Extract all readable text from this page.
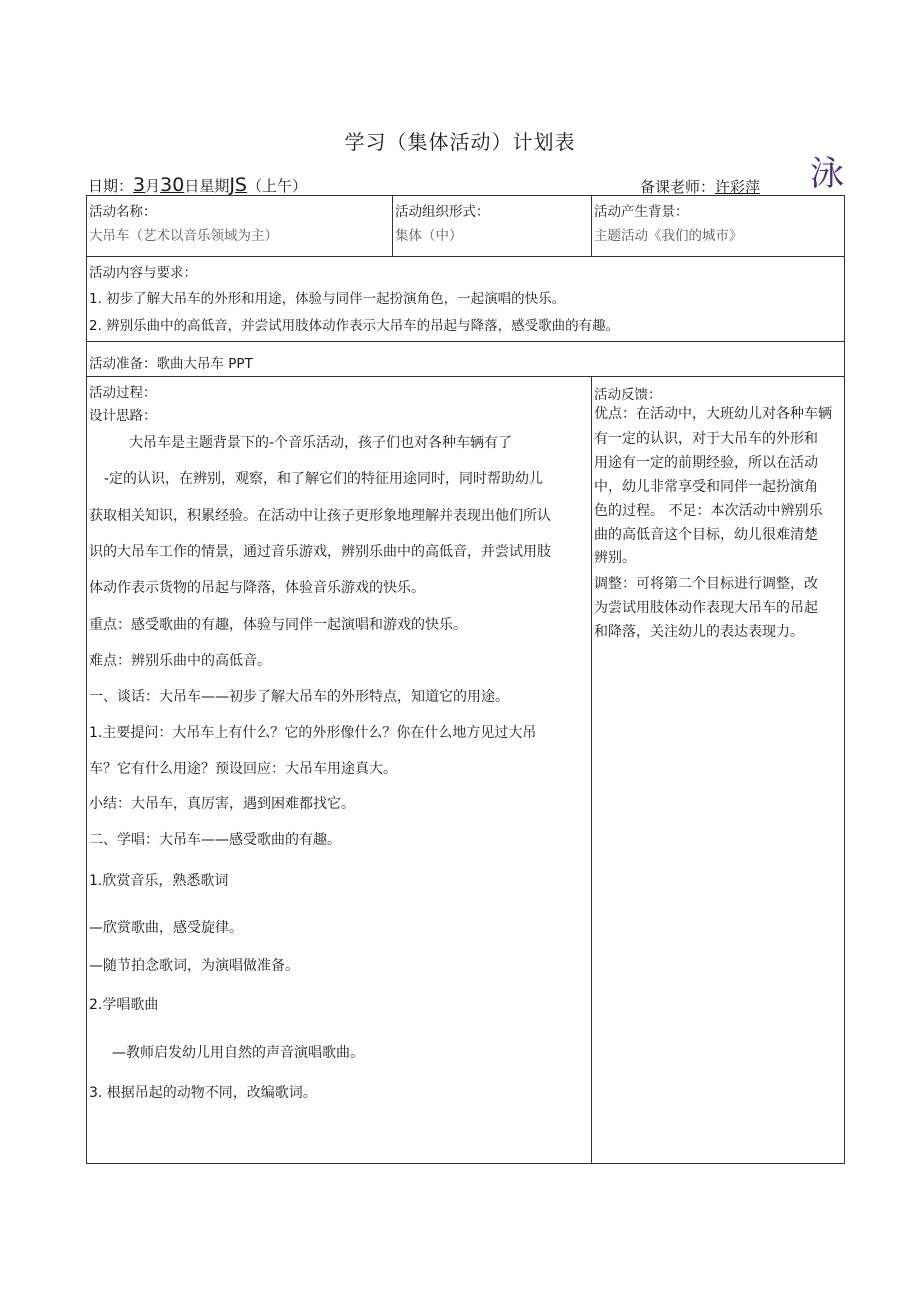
学习（集体活动）计划表
泳
日期：3月30日星期JS（上午）	备课老师：许彩萍
活动名称：
大吊车（艺术以音乐领域为主）
活动组织形式：
集体（中）
活动产生背景：
主题活动《我们的城市》
活动内容与要求：
1. 初步了解大吊车的外形和用途，体验与同伴一起扮演角色，一起演唱的快乐。
2. 辨别乐曲中的高低音，并尝试用肢体动作表示大吊车的吊起与降落，感受歌曲的有趣。
活动准备：歌曲大吊车 PPT
活动过程：
设计思路：
大吊车是主题背景下的-个音乐活动，孩子们也对各种车辆有了
-定的认识，在辨别，观察，和了解它们的特征用途同时，同时帮助幼儿
获取相关知识，积累经验。在活动中让孩子更形象地理解并表现出他们所认
识的大吊车工作的情景，通过音乐游戏，辨别乐曲中的高低音，并尝试用肢
体动作表示货物的吊起与降落，体验音乐游戏的快乐。
重点：感受歌曲的有趣，体验与同伴一起演唱和游戏的快乐。
难点：辨别乐曲中的高低音。
一、谈话：大吊车——初步了解大吊车的外形特点，知道它的用途。
1.主要提问：大吊车上有什么？它的外形像什么？你在什么地方见过大吊
车？它有什么用途？预设回应：大吊车用途真大。
小结：大吊车，真厉害，遇到困难都找它。
二、学唱：大吊车——感受歌曲的有趣。
1.欣赏音乐，熟悉歌词
—欣赏歌曲，感受旋律。
—随节拍念歌词，为演唱做准备。
2.学唱歌曲
—教师启发幼儿用自然的声音演唱歌曲。
3. 根据吊起的动物不同，改编歌词。
活动反馈：
优点：在活动中，大班幼儿对各种车辆
有一定的认识，对于大吊车的外形和
用途有一定的前期经验，所以在活动
中，幼儿非常享受和同伴一起扮演角
色的过程。 不足：本次活动中辨别乐
曲的高低音这个目标，幼儿很难清楚
辨别。
调整：可将第二个目标进行调整，改
为尝试用肢体动作表现大吊车的吊起
和降落，关注幼儿的表达表现力。
